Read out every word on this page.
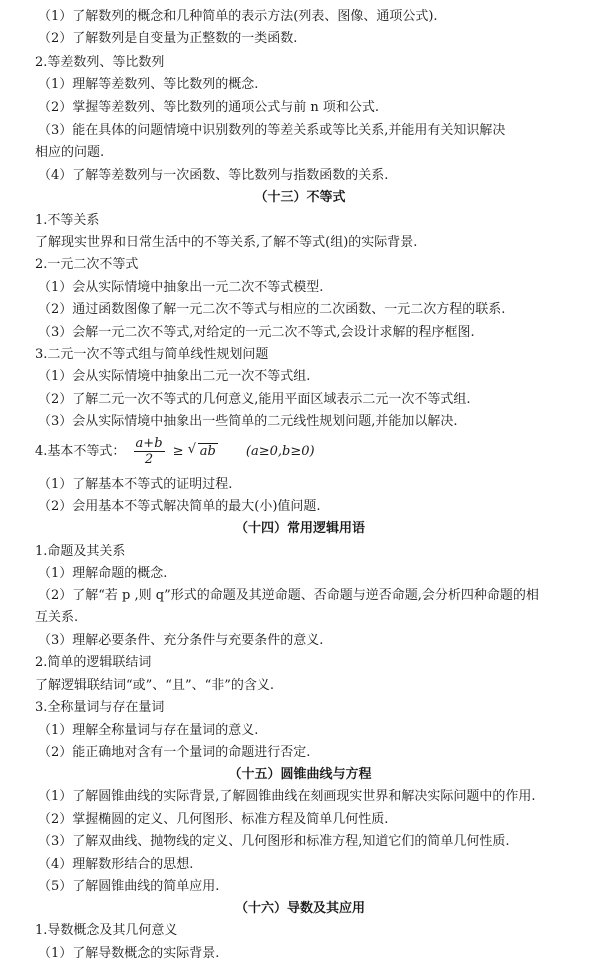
（1）了解数列的概念和几种简单的表示方法(列表、图像、通项公式).
（2）了解数列是自变量为正整数的一类函数.
2.等差数列、等比数列
（1）理解等差数列、等比数列的概念.
（2）掌握等差数列、等比数列的通项公式与前 n 项和公式.
（3）能在具体的问题情境中识别数列的等差关系或等比关系,并能用有关知识解决
相应的问题.
（4）了解等差数列与一次函数、等比数列与指数函数的关系.
（十三）不等式
1.不等关系
了解现实世界和日常生活中的不等关系,了解不等式(组)的实际背景.
2.一元二次不等式
（1）会从实际情境中抽象出一元二次不等式模型.
（2）通过函数图像了解一元二次不等式与相应的二次函数、一元二次方程的联系.
（3）会解一元二次不等式,对给定的一元二次不等式,会设计求解的程序框图.
3.二元一次不等式组与简单线性规划问题
（1）会从实际情境中抽象出二元一次不等式组.
（2）了解二元一次不等式的几何意义,能用平面区域表示二元一次不等式组.
（3）会从实际情境中抽象出一些简单的二元线性规划问题,并能加以解决.
4.基本不等式： $\frac{a+b}{2}$ ≥ √ ab (a≥0,b≥0)
（1）了解基本不等式的证明过程.
（2）会用基本不等式解决简单的最大(小)值问题.
（十四）常用逻辑用语
1.命题及其关系
（1）理解命题的概念.
（2）了解“若 p ,则 q”形式的命题及其逆命题、否命题与逆否命题,会分析四种命题的相
互关系.
（3）理解必要条件、充分条件与充要条件的意义.
2.简单的逻辑联结词
了解逻辑联结词“或”、“且”、“非”的含义.
3.全称量词与存在量词
（1）理解全称量词与存在量词的意义.
（2）能正确地对含有一个量词的命题进行否定.
（十五）圆锥曲线与方程
（1）了解圆锥曲线的实际背景,了解圆锥曲线在刻画现实世界和解决实际问题中的作用.
（2）掌握椭圆的定义、几何图形、标准方程及简单几何性质.
（3）了解双曲线、抛物线的定义、几何图形和标准方程,知道它们的简单几何性质.
（4）理解数形结合的思想.
（5）了解圆锥曲线的简单应用.
（十六）导数及其应用
1.导数概念及其几何意义
（1）了解导数概念的实际背景.
